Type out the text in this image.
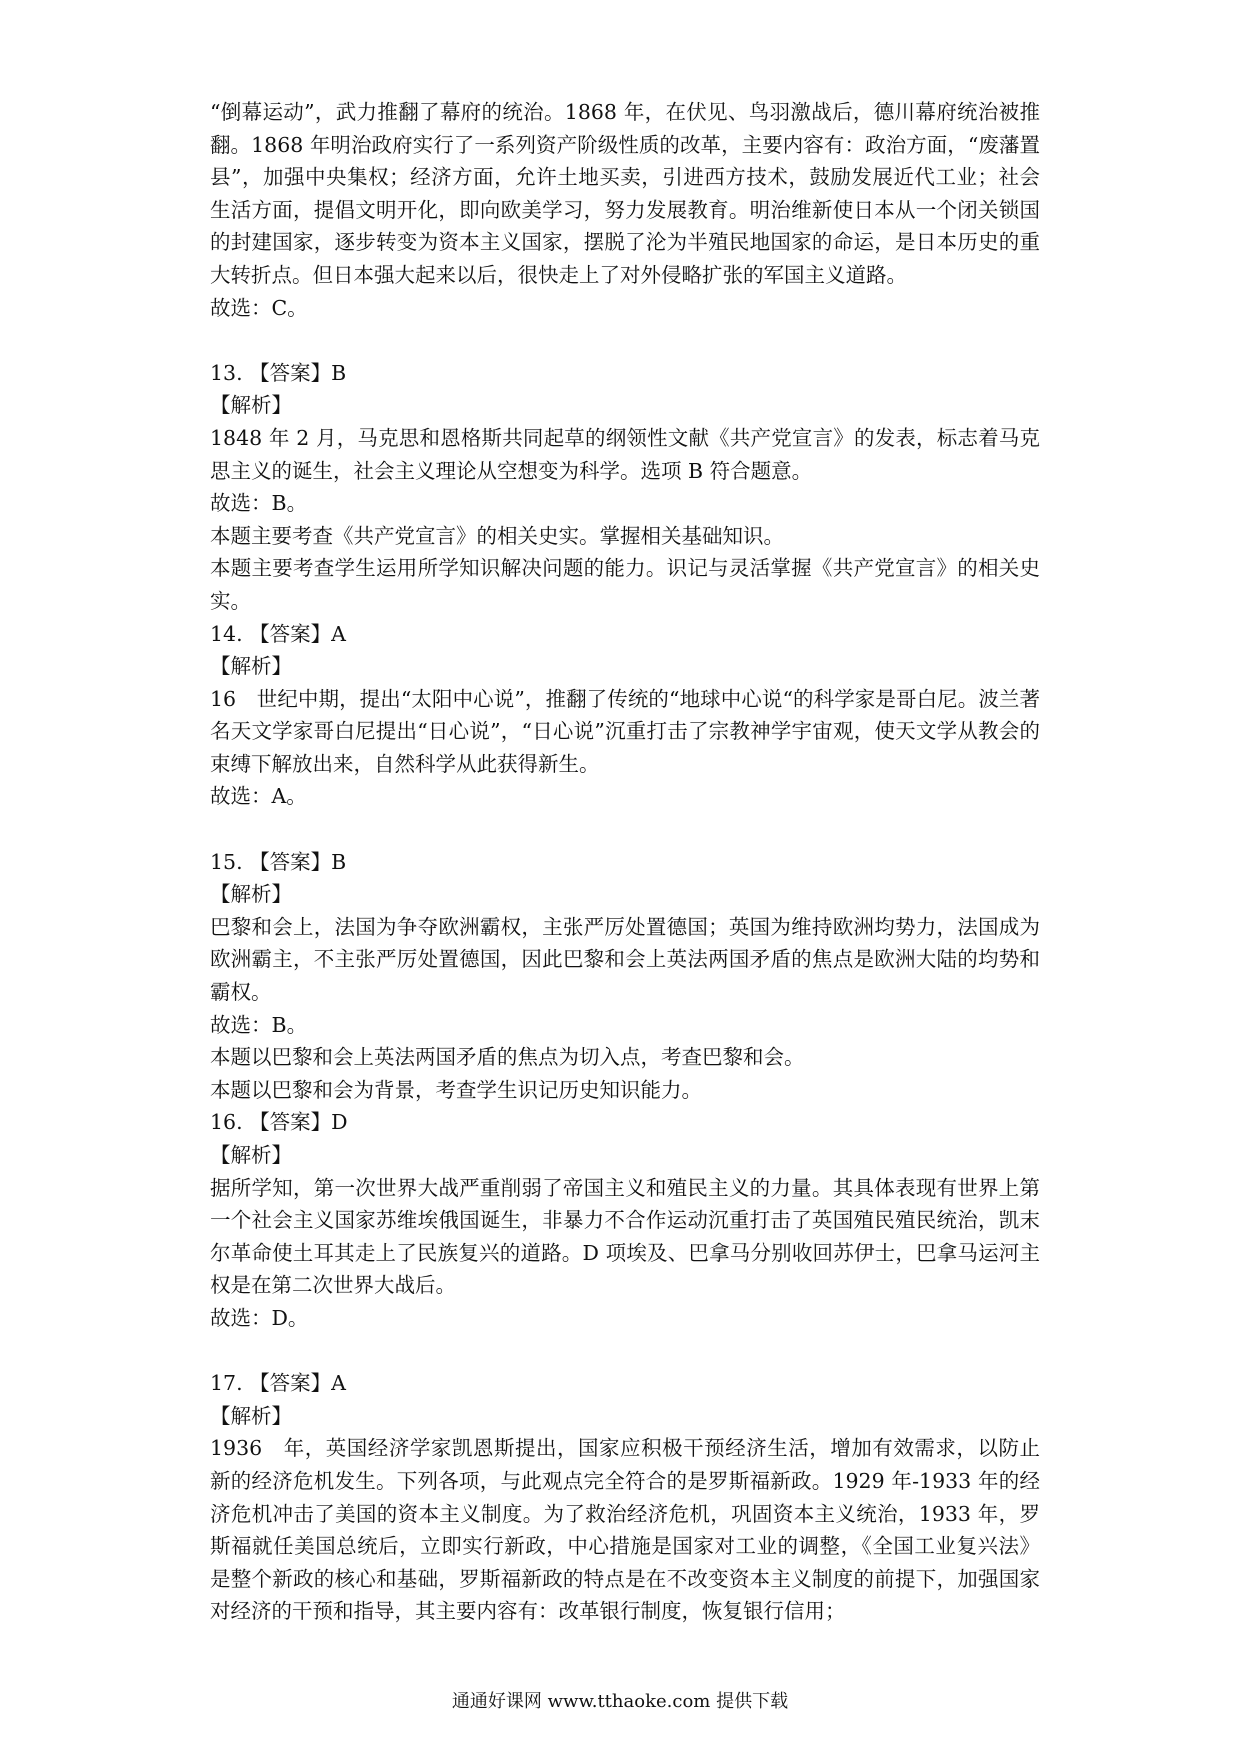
“倒幕运动”，武力推翻了幕府的统治。1868 年，在伏见、鸟羽激战后，德川幕府统治被推翻。1868 年明治政府实行了一系列资产阶级性质的改革，主要内容有：政治方面，“废藩置县”，加强中央集权；经济方面，允许土地买卖，引进西方技术，鼓励发展近代工业；社会生活方面，提倡文明开化，即向欧美学习，努力发展教育。明治维新使日本从一个闭关锁国的封建国家，逐步转变为资本主义国家，摆脱了沦为半殖民地国家的命运，是日本历史的重大转折点。但日本强大起来以后，很快走上了对外侵略扩张的军国主义道路。

故选：C。

13. 【答案】B

【解析】

1848 年 2 月，马克思和恩格斯共同起草的纲领性文献《共产党宣言》的发表，标志着马克思主义的诞生，社会主义理论从空想变为科学。选项 B 符合题意。

故选：B。

本题主要考查《共产党宣言》的相关史实。掌握相关基础知识。

本题主要考查学生运用所学知识解决问题的能力。识记与灵活掌握《共产党宣言》的相关史实。

14. 【答案】A

【解析】

16　世纪中期，提出“太阳中心说”，推翻了传统的“地球中心说“的科学家是哥白尼。波兰著名天文学家哥白尼提出“日心说”，“日心说”沉重打击了宗教神学宇宙观，使天文学从教会的束缚下解放出来，自然科学从此获得新生。

故选：A。

15. 【答案】B

【解析】

巴黎和会上，法国为争夺欧洲霸权，主张严厉处置德国；英国为维持欧洲均势力，法国成为欧洲霸主，不主张严厉处置德国，因此巴黎和会上英法两国矛盾的焦点是欧洲大陆的均势和霸权。

故选：B。

本题以巴黎和会上英法两国矛盾的焦点为切入点，考查巴黎和会。

本题以巴黎和会为背景，考查学生识记历史知识能力。

16. 【答案】D

【解析】

据所学知，第一次世界大战严重削弱了帝国主义和殖民主义的力量。其具体表现有世界上第一个社会主义国家苏维埃俄国诞生，非暴力不合作运动沉重打击了英国殖民殖民统治，凯末尔革命使土耳其走上了民族复兴的道路。D 项埃及、巴拿马分别收回苏伊士，巴拿马运河主权是在第二次世界大战后。

故选：D。

17. 【答案】A

【解析】

1936　年，英国经济学家凯恩斯提出，国家应积极干预经济生活，增加有效需求，以防止新的经济危机发生。下列各项，与此观点完全符合的是罗斯福新政。1929 年-1933 年的经济危机冲击了美国的资本主义制度。为了救治经济危机，巩固资本主义统治，1933 年，罗斯福就任美国总统后，立即实行新政，中心措施是国家对工业的调整，《全国工业复兴法》是整个新政的核心和基础，罗斯福新政的特点是在不改变资本主义制度的前提下，加强国家对经济的干预和指导，其主要内容有：改革银行制度，恢复银行信用；

通通好课网 www.tthaoke.com 提供下载
